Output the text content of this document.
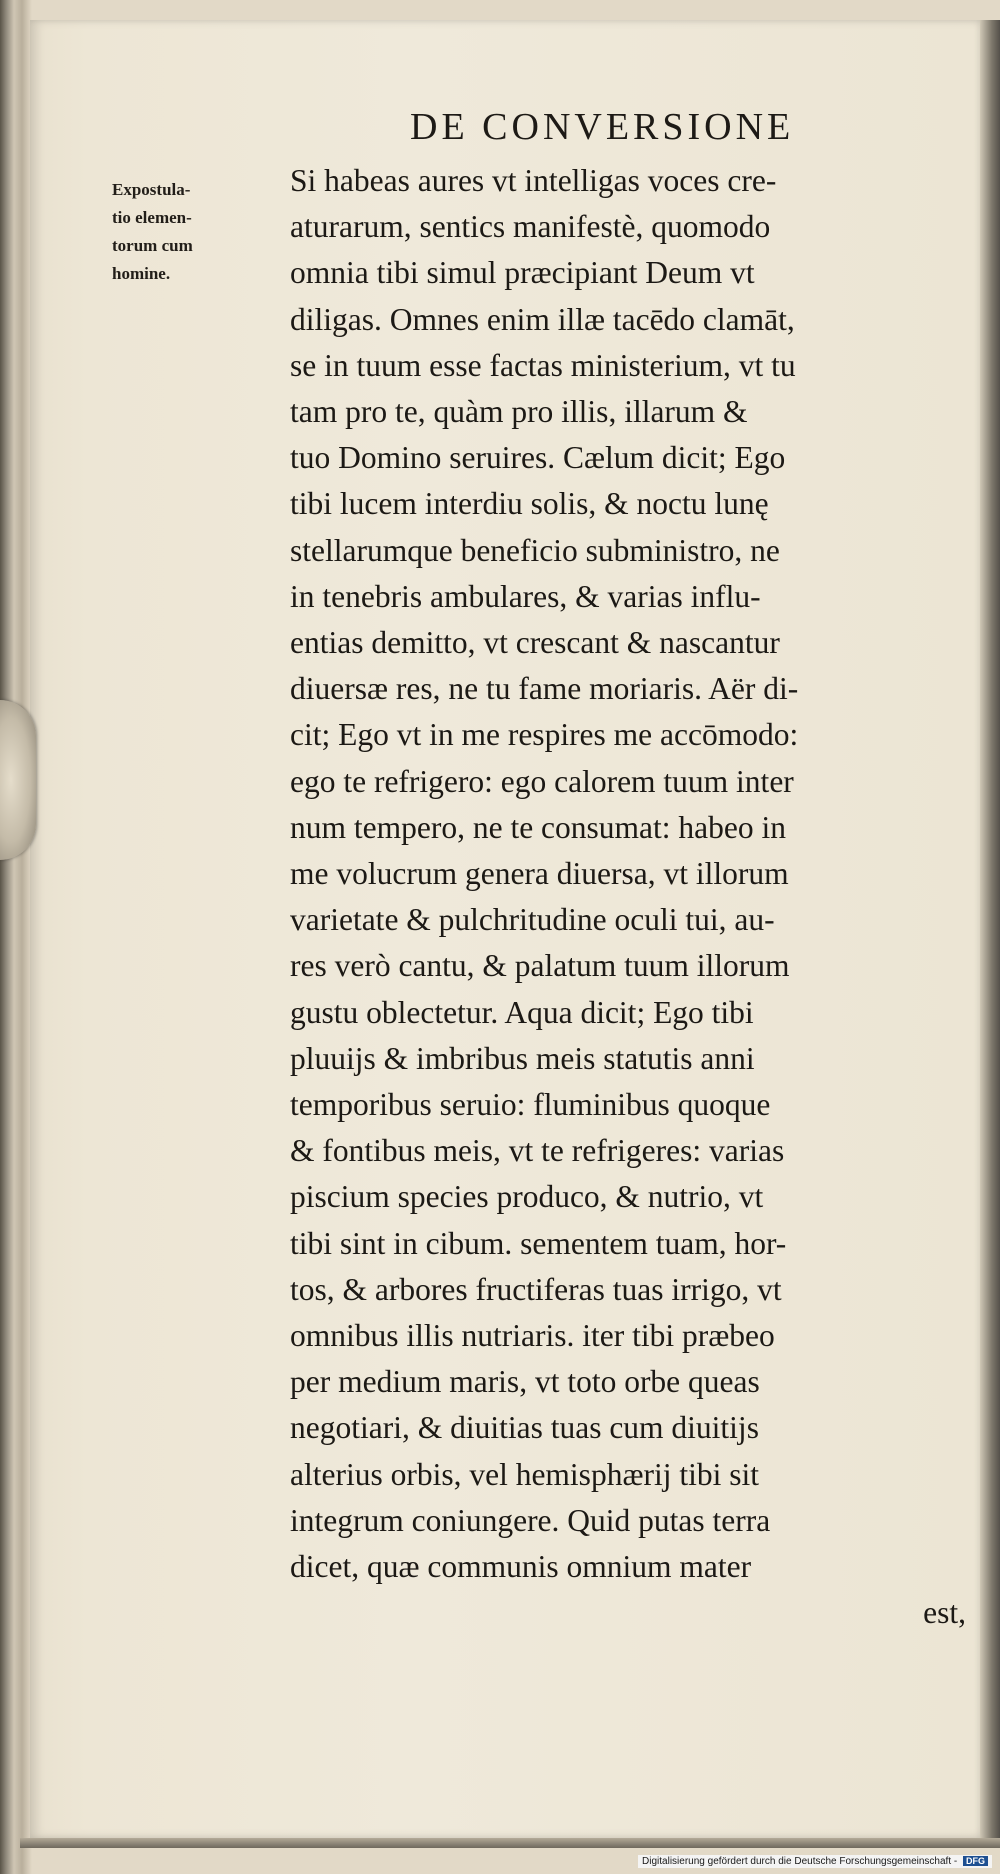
DE CONVERSIONE
Expostula-
tio elemen-
torum cum
homine.
Si habeas aures vt intelligas voces cre-
aturarum, sentics manifestè, quomodo
omnia tibi simul præcipiant Deum vt
diligas. Omnes enim illæ tacēdo clamāt,
se in tuum esse factas ministerium, vt tu
tam pro te, quàm pro illis, illarum &
tuo Domino seruires. Cælum dicit; Ego
tibi lucem interdiu solis, & noctu lunę
stellarumque beneficio subministro, ne
in tenebris ambulares, & varias influ-
entias demitto, vt crescant & nascantur
diuersæ res, ne tu fame moriaris. Aër di-
cit; Ego vt in me respires me accōmodo:
ego te refrigero: ego calorem tuum inter
num tempero, ne te consumat: habeo in
me volucrum genera diuersa, vt illorum
varietate & pulchritudine oculi tui, au-
res verò cantu, & palatum tuum illorum
gustu oblectetur. Aqua dicit; Ego tibi
pluuijs & imbribus meis statutis anni
temporibus seruio: fluminibus quoque
& fontibus meis, vt te refrigeres: varias
piscium species produco, & nutrio, vt
tibi sint in cibum. sementem tuam, hor-
tos, & arbores fructiferas tuas irrigo, vt
omnibus illis nutriaris. iter tibi præbeo
per medium maris, vt toto orbe queas
negotiari, & diuitias tuas cum diuitijs
alterius orbis, vel hemisphærij tibi sit
integrum coniungere. Quid putas terra
dicet, quæ communis omnium mater
est,
Digitalisierung gefördert durch die Deutsche Forschungsgemeinschaft - DFG
